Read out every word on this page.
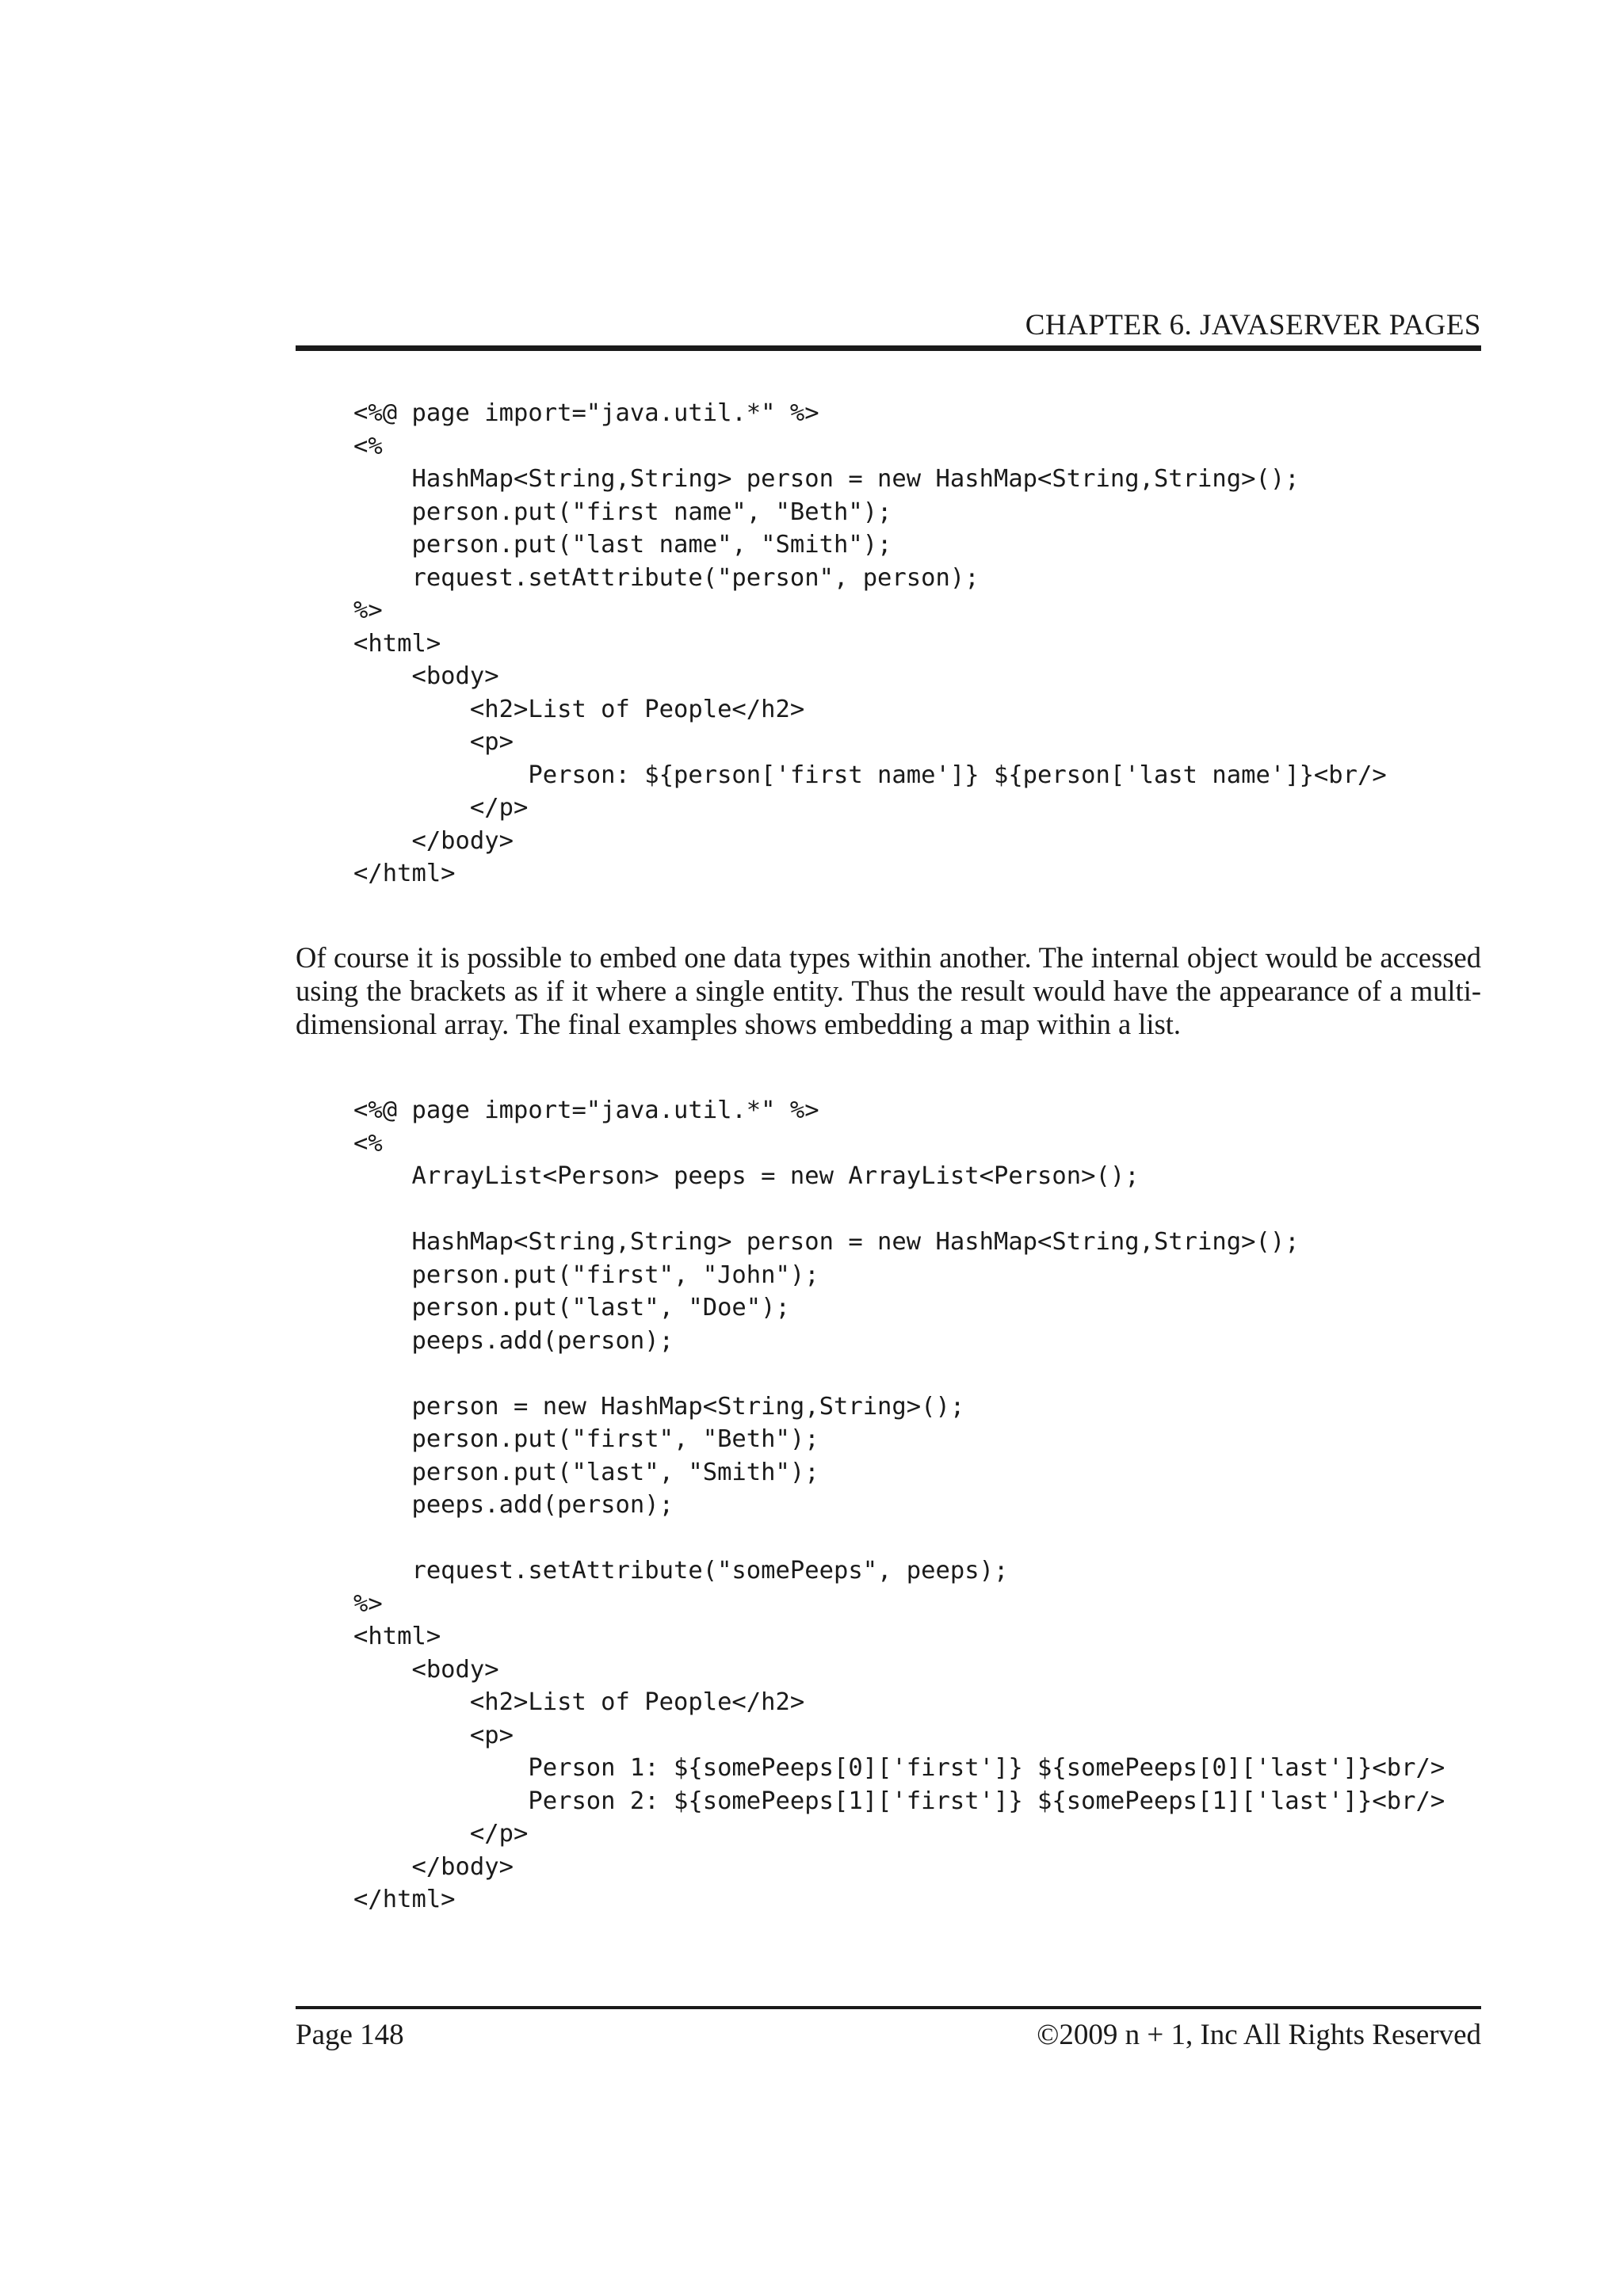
CHAPTER 6. JAVASERVER PAGES
<%@ page import="java.util.*" %>
<%
HashMap<String,String> person = new HashMap<String,String>();
person.put("first name", "Beth");
person.put("last name", "Smith");
request.setAttribute("person", person);
%>
<html>
<body>
<h2>List of People</h2>
<p>
Person: ${person['first name']} ${person['last name']}<br/>
</p>
</body>
</html>

Of course it is possible to embed one data types within another. The internal object would be accessed using the brackets as if it where a single entity. Thus the result would have the appearance of a multi-dimensional array. The final examples shows embedding a map within a list.

<%@ page import="java.util.*" %>
<%
ArrayList<Person> peeps = new ArrayList<Person>();
HashMap<String,String> person = new HashMap<String,String>();
person.put("first", "John");
person.put("last", "Doe");
peeps.add(person);
person = new HashMap<String,String>();
person.put("first", "Beth");
person.put("last", "Smith");
peeps.add(person);
request.setAttribute("somePeeps", peeps);
%>
<html>
<body>
<h2>List of People</h2>
<p>
Person 1: ${somePeeps[0]['first']} ${somePeeps[0]['last']}<br/>
Person 2: ${somePeeps[1]['first']} ${somePeeps[1]['last']}<br/>
</p>
</body>
</html>
Page 148	©2009 n + 1, Inc All Rights Reserved
